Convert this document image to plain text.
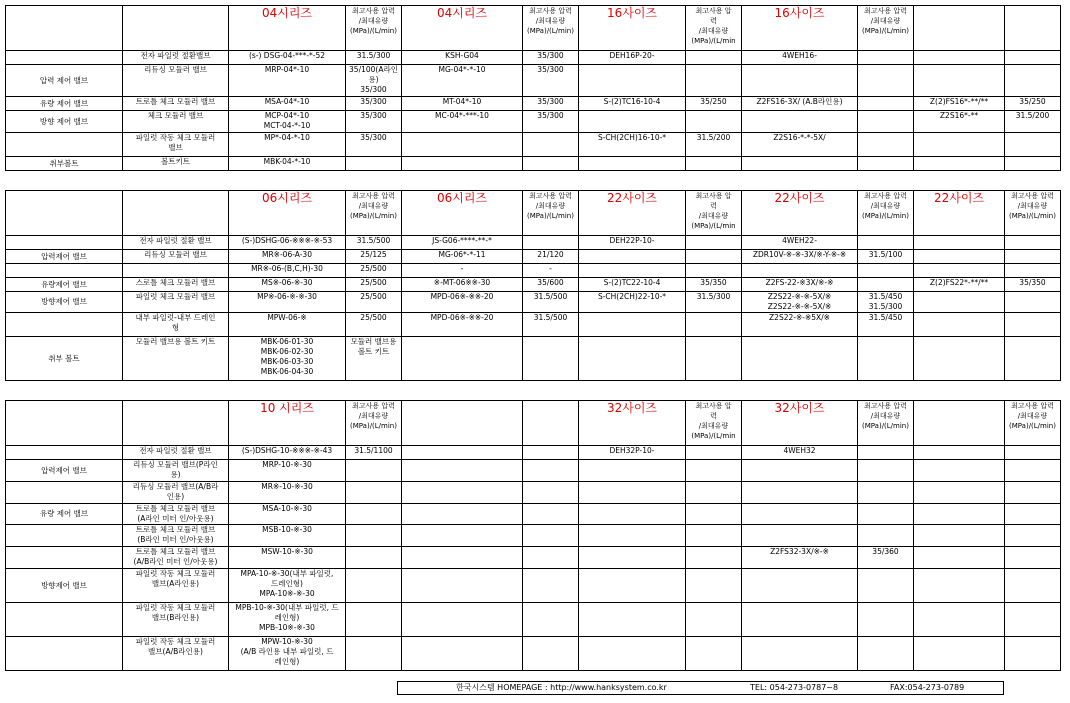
		04시리즈	최고사용 압력
/최대유량
(MPa)/(L/min)	04시리즈	최고사용 압력
/최대유량
(MPa)/(L/min)	16사이즈	최고사용 압
력
/최대유량
(MPa)/(L/min	16사이즈	최고사용 압력
/최대유량
(MPa)/(L/min)		
	전자 파일럿 절환밸브	(s-) DSG-04-***-*-52	31.5/300	KSH-G04	35/300	DEH16P-20-		4WEH16-			
압력 제어 밸브	리듀싱 모듈러 밸브	MRP-04*-10	35/100(A라인
용)
35/300	MG-04*-*-10	35/300						
유량 제어 밸브	트로틀 체크 모듈러 밸브	MSA-04*-10	35/300	MT-04*-10	35/300	S-(2)TC16-10-4	35/250	Z2FS16-3X/ (A.B라인용)		Z(2)FS16*-**/**	35/250
방향 제어 밸브	체크 모듈러 밸브	MCP-04*-10
MCT-04-*-10	35/300	MC-04*-***-10	35/300					Z2S16*-**	31.5/200
	파일럿 작동 체크 모듈러
밸브	MP*-04-*-10	35/300			S-CH(2CH)16-10-*	31.5/200	Z2S16-*-*-5X/			
취부볼트	볼트키트	MBK-04-*-10									
		06시리즈	최고사용 압력
/최대유량
(MPa)/(L/min)	06시리즈	최고사용 압력
/최대유량
(MPa)/(L/min)	22사이즈	최고사용 압
력
/최대유량
(MPa)/(L/min	22사이즈	최고사용 압력
/최대유량
(MPa)/(L/min)	22사이즈	최고사용 압력
/최대유량
(MPa)/(L/min)
	전자 파일럿 절환 밸브	(S-)DSHG-06-※※※-※-53	31.5/500	JS-G06-****-**-*		DEH22P-10-		4WEH22-			
압력제어 밸브	리듀싱 모듈러 밸브	MR※-06-A-30	25/125	MG-06*-*-11	21/120			ZDR10V-※-※-3X/※-Y-※-※	31.5/100		
		MR※-06-(B,C,H)-30	25/500	-	-						
유량제어 밸브	스로틀 체크 모듈러 밸브	MS※-06-※-30	25/500	※-MT-06※※-30	35/600	S-(2)TC22-10-4	35/350	Z2FS-22-※3X/※-※		Z(2)FS22*-**/**	35/350
방향제어 밸브	파일럿 체크 모듈러 밸브	MP※-06-※-※-30	25/500	MPD-06※-※※-20	31.5/500	S-CH(2CH)22-10-*	31.5/300	Z2S22-※-※-5X/※
Z2S22-※-※-5X/※	31.5/450
31.5/300		
	내부 파일럿-내부 드레인
형	MPW-06-※	25/500	MPD-06※-※※-20	31.5/500			Z2S22-※-※5X/※	31.5/450		
취부 볼트	모듈러 밸브용 볼트 키트	MBK-06-01-30
MBK-06-02-30
MBK-06-03-30
MBK-06-04-30	모듈러 밸브용
볼트 키트								
		10 시리즈	최고사용 압력
/최대유량
(MPa)/(L/min)			32사이즈	최고사용 압
력
/최대유량
(MPa)/(L/min	32사이즈	최고사용 압력
/최대유량
(MPa)/(L/min)		최고사용 압력
/최대유량
(MPa)/(L/min)
	전자 파일럿 절환 밸브	(S-)DSHG-10-※※※-※-43	31.5/1100			DEH32P-10-		4WEH32			
압력제어 밸브	리듀싱 모듈러 밸브(P라인
용)	MRP-10-※-30									
	리듀싱 모듈러 밸브(A/B라
인용)	MR※-10-※-30									
유량 제어 밸브	트로틀 체크 모듈러 밸브
(A라인 미터 인/아웃용)	MSA-10-※-30									
	트로틀 체크 모듈러 밸브
(B라인 미터 인/아웃용)	MSB-10-※-30									
	트로틀 체크 모듈러 밸브
(A/B라인 미터 인/아웃용)	MSW-10-※-30						Z2FS32-3X/※-※	35/360		
방향제어 밸브	파일럿 작동 체크 모듈러
밸브(A라인용)	MPA-10-※-30(내부 파일럿,
드레인형)
MPA-10※-※-30									
	파일럿 작동 체크 모듈러
밸브(B라인용)	MPB-10-※-30(내부 파일럿, 드
레인형)
MPB-10※-※-30									
	파일럿 작동 체크 모듈러
밸브(A/B라인용)	MPW-10-※-30
(A/B 라인용 내부 파일럿, 드
레인형)									
한국시스템 HOMEPAGE : http://www.hanksystem.co.kr	TEL: 054-273-0787~8	FAX:054-273-0789
